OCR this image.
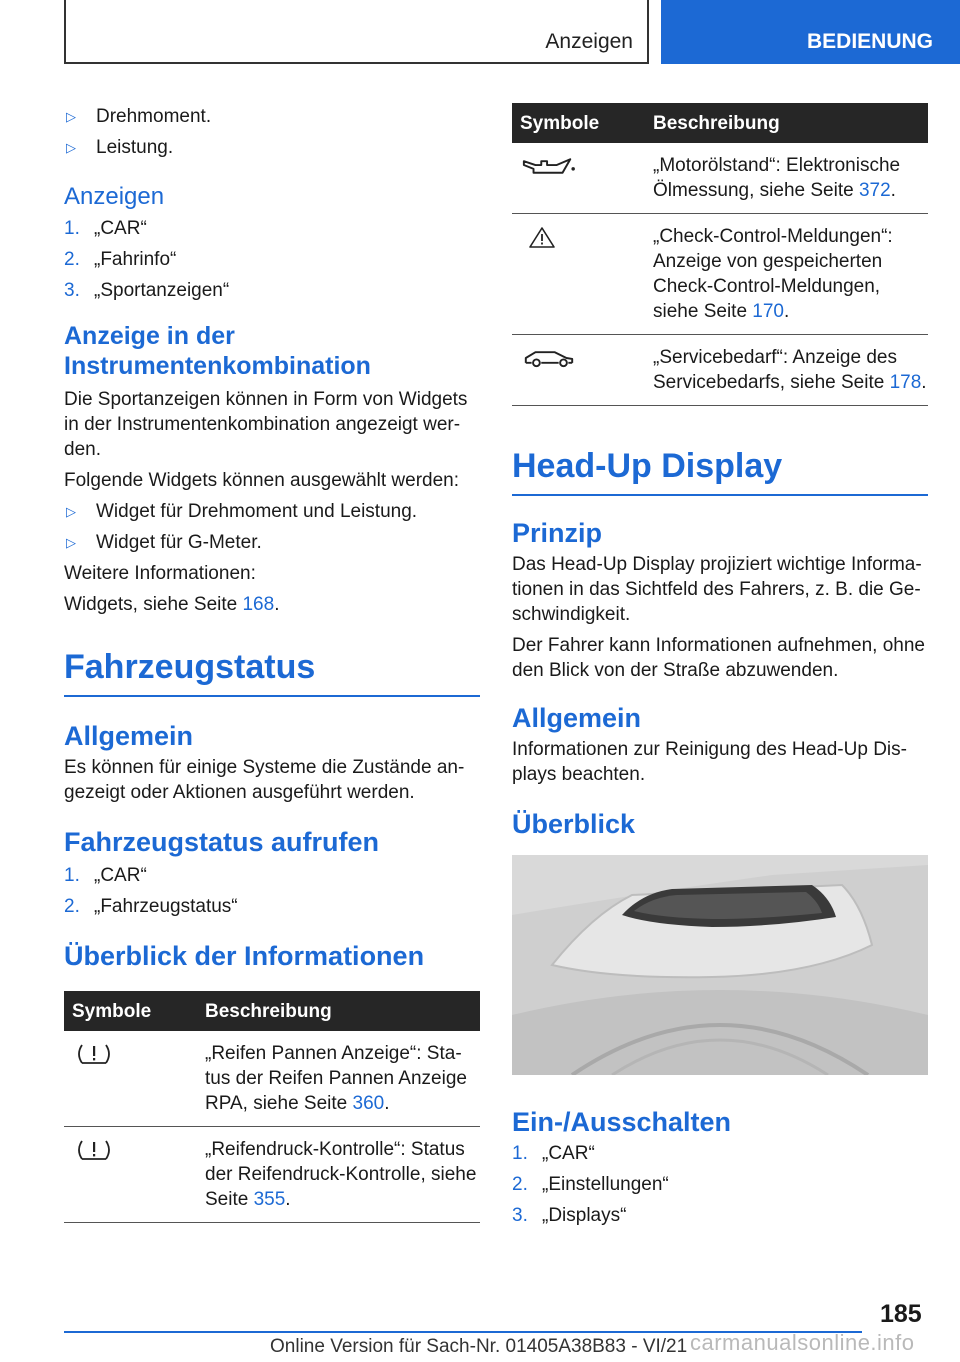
Anzeigen	BEDIENUNG
▷	Drehmoment.
▷	Leistung.
Anzeigen
1. „CAR“
2. „Fahrinfo“
3. „Sportanzeigen“
Anzeige in der Instrumentenkombination

Die Sportanzeigen können in Form von Widgets in der Instrumentenkombination angezeigt wer-den.

Folgende Widgets können ausgewählt werden:

▷	Widget für Drehmoment und Leistung.
▷	Widget für G-Meter.

Weitere Informationen:

Widgets, siehe Seite 168.

Fahrzeugstatus
Allgemein

Es können für einige Systeme die Zustände an-gezeigt oder Aktionen ausgeführt werden.

Fahrzeugstatus aufrufen
1. „CAR“
2. „Fahrzeugstatus“
Überblick der Informationen
Symbole	Beschreibung
	„Reifen Pannen Anzeige“: Sta-tus der Reifen Pannen Anzeige RPA, siehe Seite 360.
	„Reifendruck-Kontrolle“: Status der Reifendruck-Kontrolle, siehe Seite 355.
Symbole	Beschreibung
	„Motorölstand“: Elektronische Ölmessung, siehe Seite 372.
	„Check-Control-Meldungen“: Anzeige von gespeicherten Check-Control-Meldungen, siehe Seite 170.
	„Servicebedarf“: Anzeige des Servicebedarfs, siehe Seite 178.
Head-Up Display
Prinzip

Das Head-Up Display projiziert wichtige Informa-tionen in das Sichtfeld des Fahrers, z. B. die Ge-schwindigkeit.

Der Fahrer kann Informationen aufnehmen, ohne den Blick von der Straße abzuwenden.

Allgemein

Informationen zur Reinigung des Head-Up Dis-plays beachten.

Überblick
Ein-/Ausschalten
1. „CAR“
2. „Einstellungen“
3. „Displays“
185
Online Version für Sach-Nr. 01405A38B83 - VI/21 carmanualsonline.info
